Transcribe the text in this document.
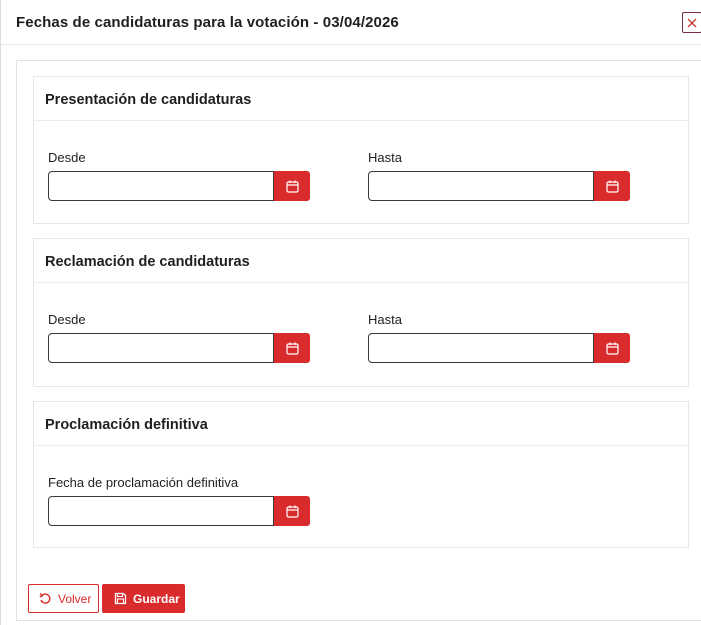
Fechas de candidaturas para la votación - 03/04/2026
Presentación de candidaturas
Desde	Hasta
Reclamación de candidaturas
Desde	Hasta
Proclamación definitiva
Fecha de proclamación definitiva
Volver	Guardar
